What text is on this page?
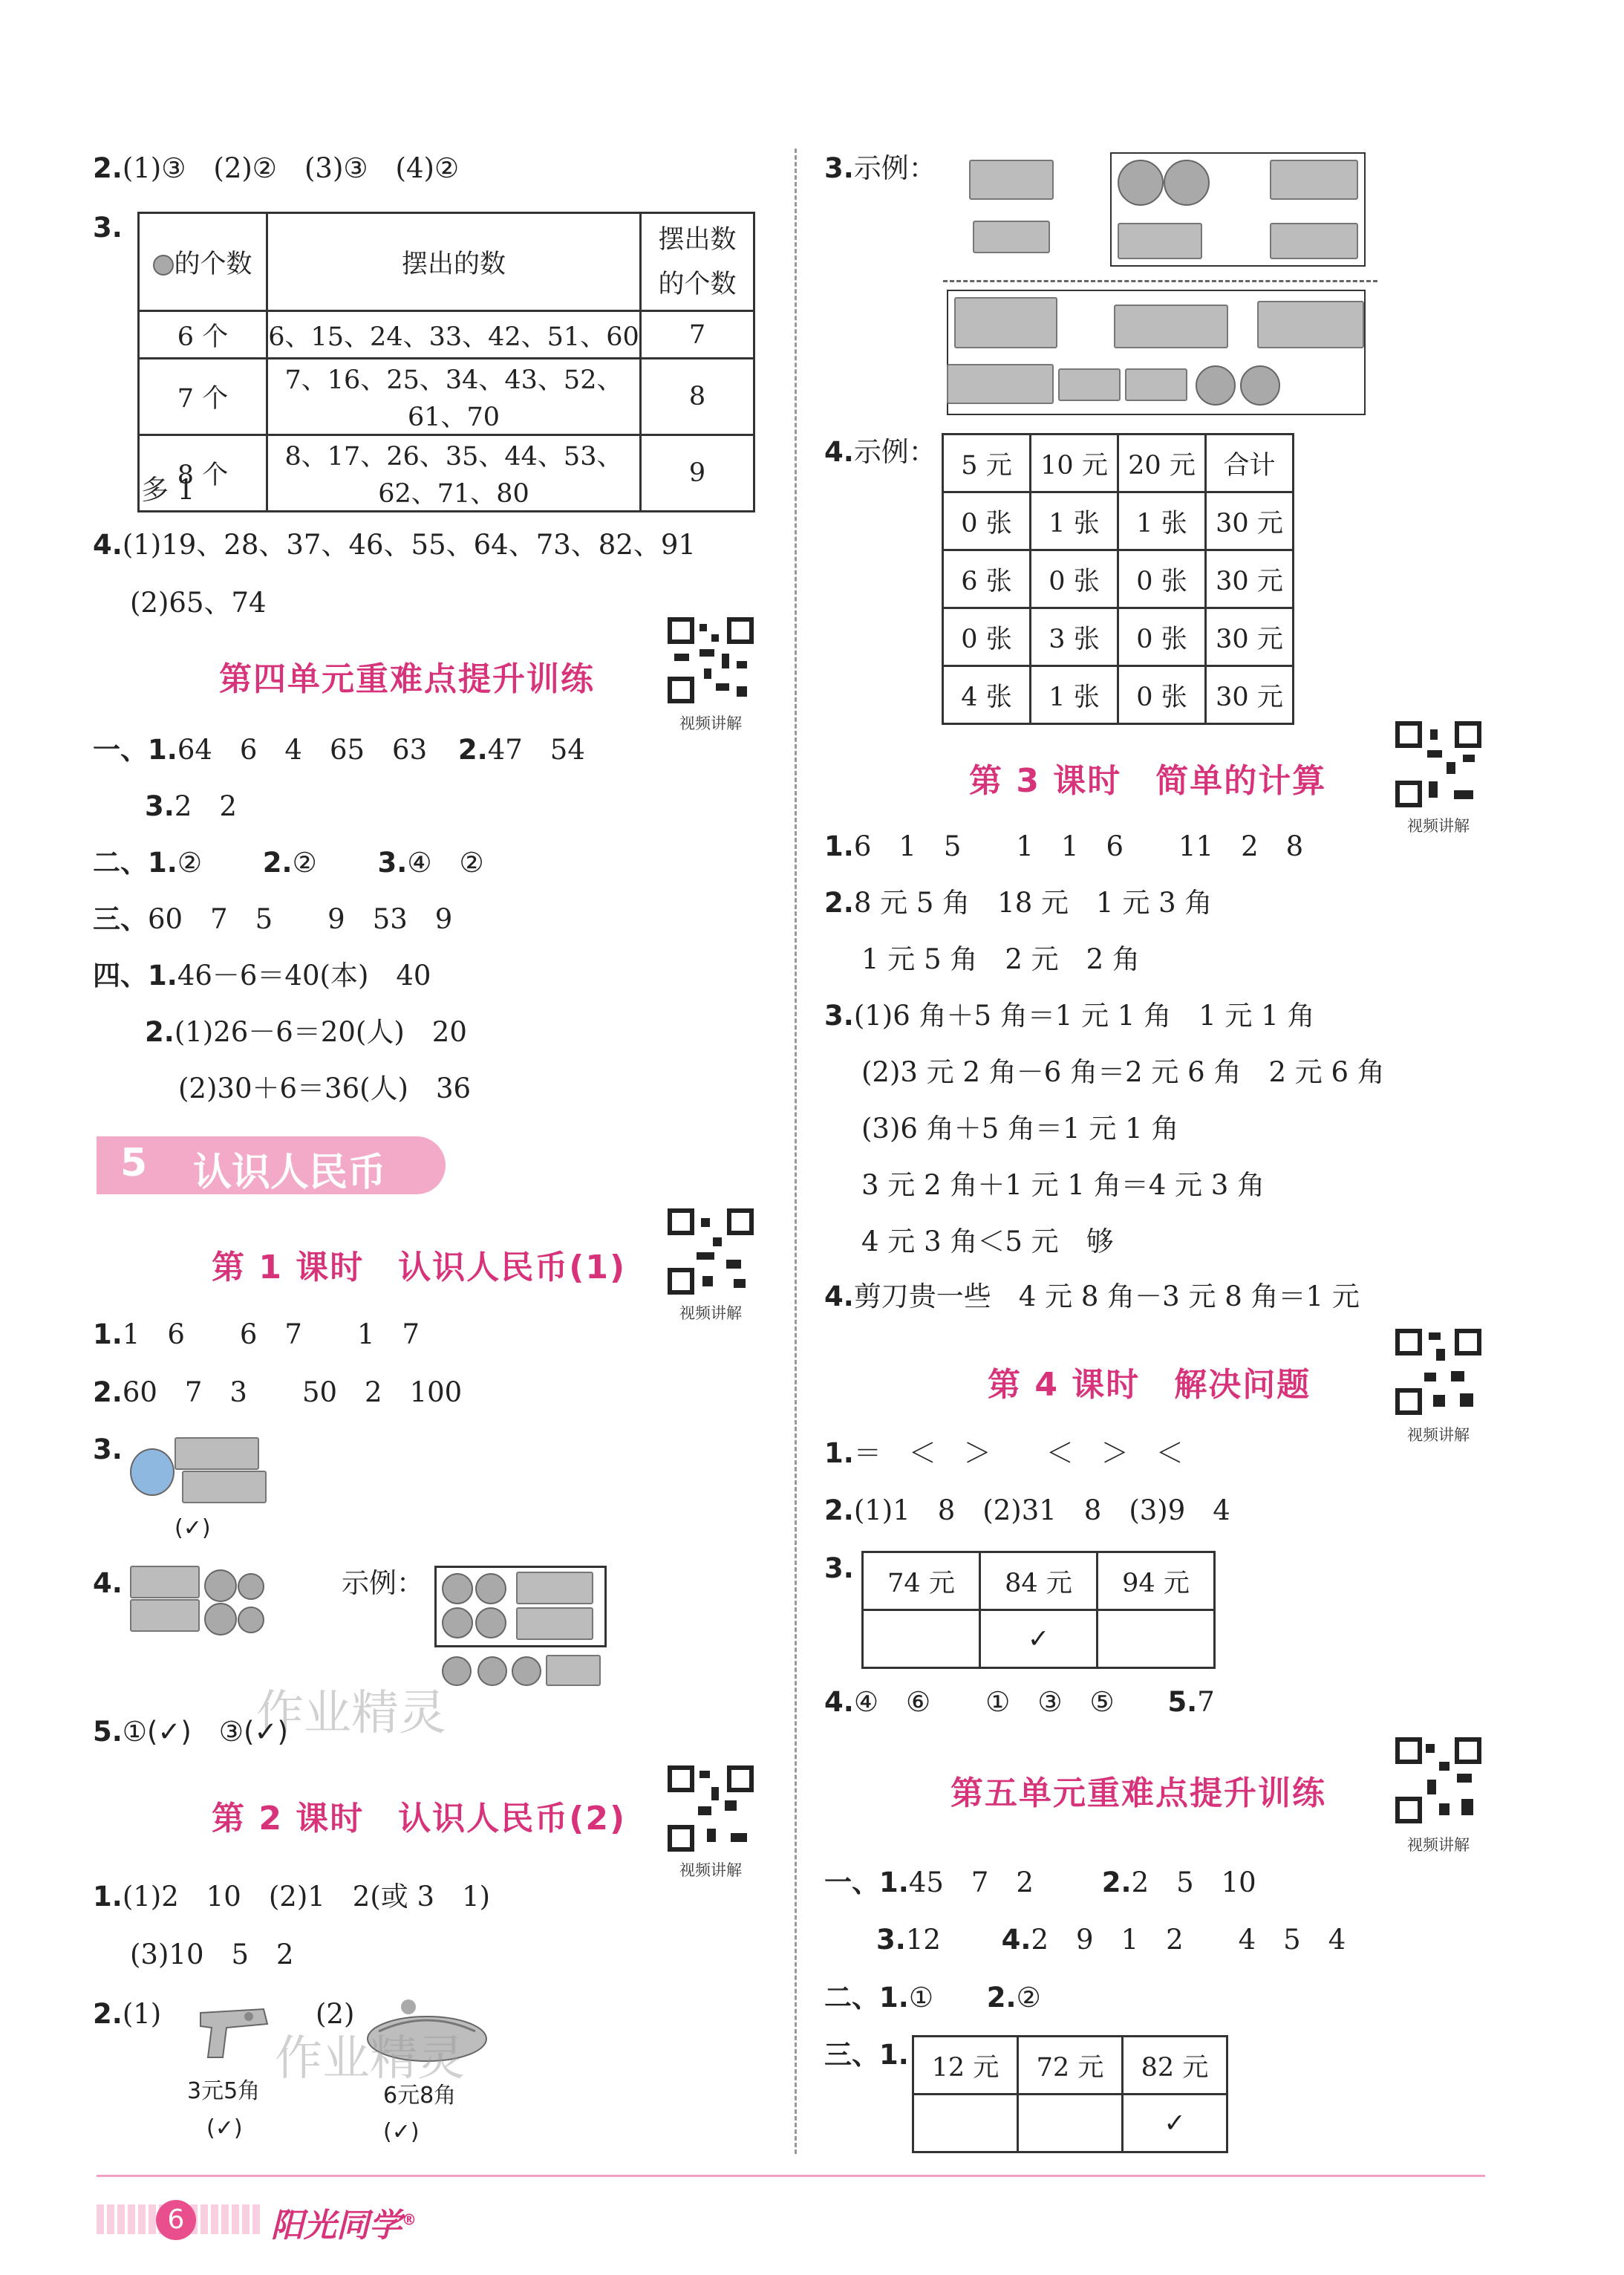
2.(1)③　(2)②　(3)③　(4)②
3.
的个数	摆出的数	摆出数
的个数
6 个	6、15、24、33、42、51、60	7
7 个	7、16、25、34、43、52、61、70	8
8 个	8、17、26、35、44、53、62、71、80	9
多 1
4.(1)19、28、37、46、55、64、73、82、91
(2)65、74
第四单元重难点提升训练
视频讲解
一、1.64　6　4　65　63 2.47　54
3.2　2
二、1.② 2.② 3.④　②
三、60　7　5　　9　53　9
四、1.46－6＝40(本)　40
2.(1)26－6＝20(人)　20
(2)30＋6＝36(人)　36
5 认识人民币
第 1 课时　认识人民币(1)
视频讲解
1.1　6　　6　7　　1　7
2.60　7　3　　50　2　100
3.
(✓)
4.	示例：
作业精灵
5.①(✓)　③(✓)
第 2 课时　认识人民币(2)
视频讲解
1.(1)2　10　(2)1　2(或 3　1)
(3)10　5　2
2.(1)	(2)
3元5角	6元8角
(✓)	(✓)
作业精灵
3.示例：
4.示例： 5 元	10 元	20 元	合计
0 张	1 张	1 张	30 元
6 张	0 张	0 张	30 元
0 张	3 张	0 张	30 元
4 张	1 张	0 张	30 元
第 3 课时　简单的计算
视频讲解
1.6　1　5　　1　1　6　　11　2　8
2.8 元 5 角　18 元　1 元 3 角
1 元 5 角　2 元　2 角
3.(1)6 角＋5 角＝1 元 1 角　1 元 1 角
(2)3 元 2 角－6 角＝2 元 6 角　2 元 6 角
(3)6 角＋5 角＝1 元 1 角
3 元 2 角＋1 元 1 角＝4 元 3 角
4 元 3 角＜5 元　够
4.剪刀贵一些　4 元 8 角－3 元 8 角＝1 元
第 4 课时　解决问题
视频讲解
1.＝　＜　＞　　＜　＞　＜
2.(1)1　8　(2)31　8　(3)9　4
3. 74 元	84 元	94 元
	✓	
4.④　⑥　　①　③　⑤ 5.7
第五单元重难点提升训练
视频讲解
一、1.45　7　2 2.2　5　10
3.12 4.2　9　1　2　　4　5　4
二、1.① 2.②
三、1. 12 元	72 元	82 元
		✓
6	阳光同学®
